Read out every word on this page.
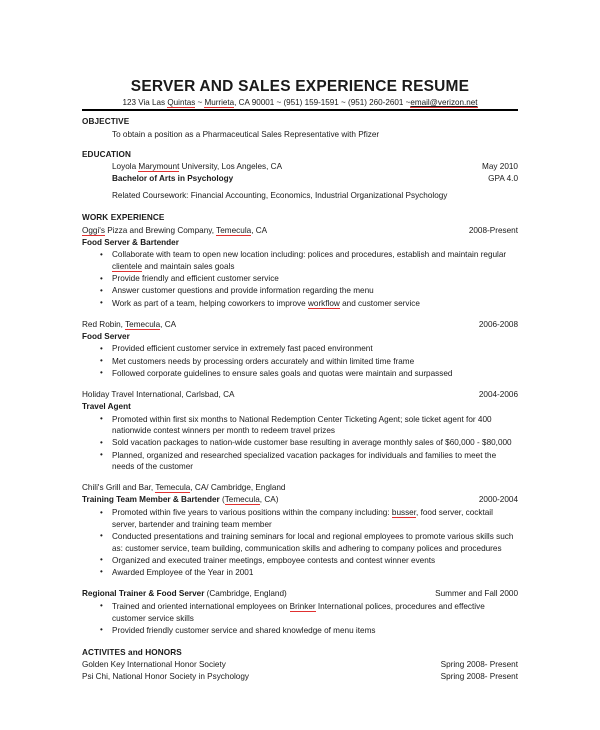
SERVER AND SALES EXPERIENCE RESUME
123 Via Las Quintas ~ Murrieta, CA 90001 ~ (951) 159-1591 ~ (951) 260-2601 ~email@verizon.net
OBJECTIVE
To obtain a position as a Pharmaceutical Sales Representative with Pfizer
EDUCATION
Loyola Marymount University, Los Angeles, CA	May 2010
Bachelor of Arts in Psychology	GPA 4.0
Related Coursework: Financial Accounting, Economics, Industrial Organizational Psychology
WORK EXPERIENCE
Oggi's Pizza and Brewing Company, Temecula, CA	2008-Present
Food Server & Bartender
• Collaborate with team to open new location including: polices and procedures, establish and maintain regular clientele and maintain sales goals
• Provide friendly and efficient customer service
• Answer customer questions and provide information regarding the menu
• Work as part of a team, helping coworkers to improve workflow and customer service
Red Robin, Temecula, CA	2006-2008
Food Server
• Provided efficient customer service in extremely fast paced environment
• Met customers needs by processing orders accurately and within limited time frame
• Followed corporate guidelines to ensure sales goals and quotas were maintain and surpassed
Holiday Travel International, Carlsbad, CA	2004-2006
Travel Agent
• Promoted within first six months to National Redemption Center Ticketing Agent; sole ticket agent for 400 nationwide contest winners per month to redeem travel prizes
• Sold vacation packages to nation-wide customer base resulting in average monthly sales of $60,000 - $80,000
• Planned, organized and researched specialized vacation packages for individuals and families to meet the needs of the customer
Chili's Grill and Bar, Temecula, CA/ Cambridge, England
Training Team Member & Bartender (Temecula, CA)	2000-2004
• Promoted within five years to various positions within the company including: busser, food server, cocktail server, bartender and training team member
• Conducted presentations and training seminars for local and regional employees to promote various skills such as: customer service, team building, communication skills and adhering to company polices and procedures
• Organized and executed trainer meetings, empboyee contests and contest winner events
• Awarded Employee of the Year in 2001
Regional Trainer & Food Server (Cambridge, England)	Summer and Fall 2000
• Trained and oriented international employees on Brinker International polices, procedures and effective customer service skills
• Provided friendly customer service and shared knowledge of menu items
ACTIVITES and HONORS
Golden Key International Honor Society	Spring 2008- Present
Psi Chi, National Honor Society in Psychology	Spring 2008- Present
